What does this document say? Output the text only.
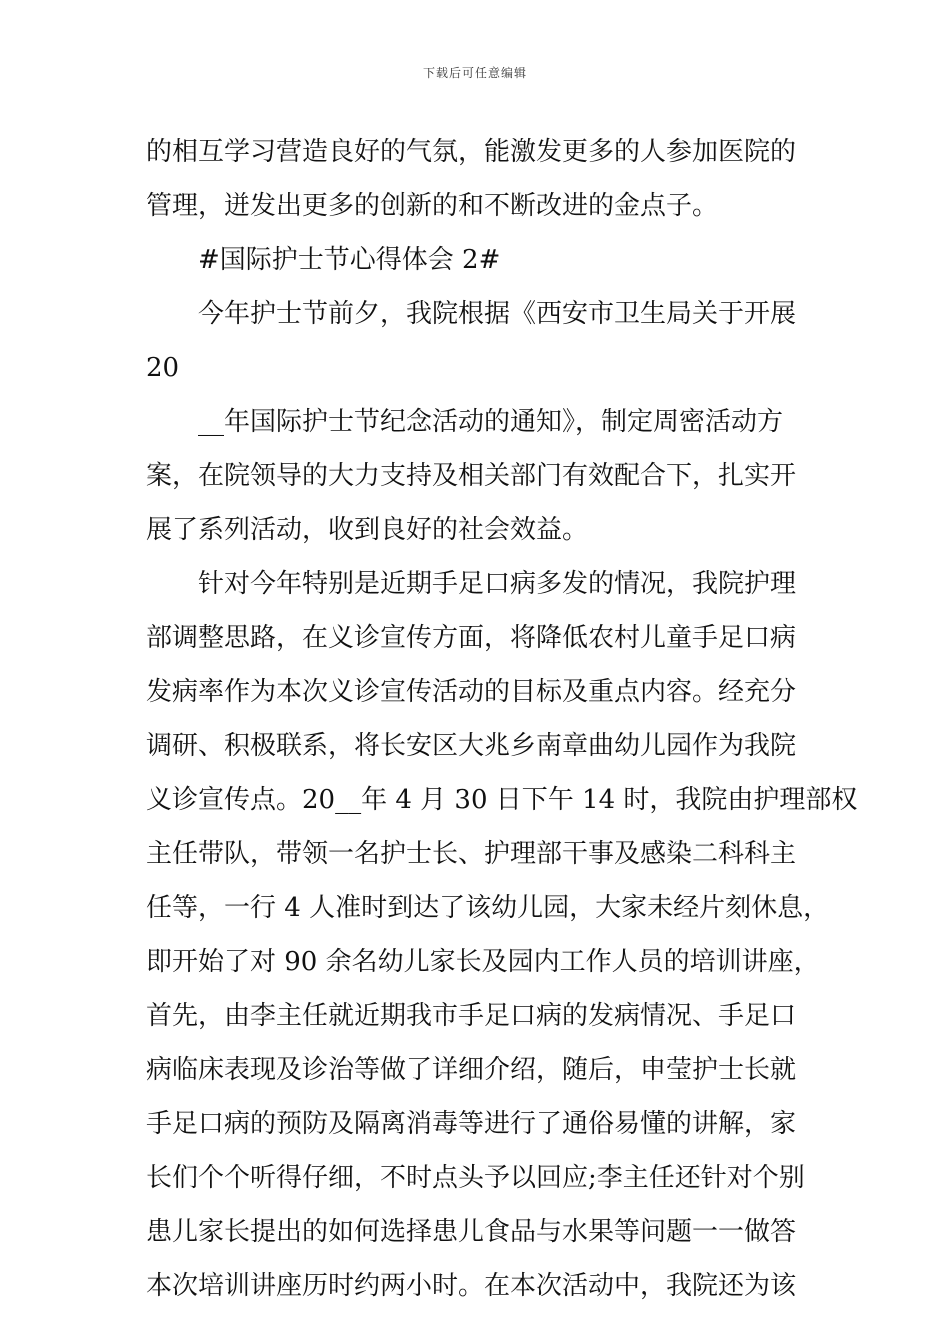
下载后可任意编辑
的相互学习营造良好的气氛，能激发更多的人参加医院的
管理，迸发出更多的创新的和不断改进的金点子。
#国际护士节心得体会 2#
今年护士节前夕，我院根据《西安市卫生局关于开展
20
__年国际护士节纪念活动的通知》，制定周密活动方
案，在院领导的大力支持及相关部门有效配合下，扎实开
展了系列活动，收到良好的社会效益。
针对今年特别是近期手足口病多发的情况，我院护理
部调整思路，在义诊宣传方面，将降低农村儿童手足口病
发病率作为本次义诊宣传活动的目标及重点内容。经充分
调研、积极联系，将长安区大兆乡南章曲幼儿园作为我院
义诊宣传点。20__年 4 月 30 日下午 14 时，我院由护理部权
主任带队，带领一名护士长、护理部干事及感染二科科主
任等，一行 4 人准时到达了该幼儿园，大家未经片刻休息，
即开始了对 90 余名幼儿家长及园内工作人员的培训讲座，
首先，由李主任就近期我市手足口病的发病情况、手足口
病临床表现及诊治等做了详细介绍，随后，申莹护士长就
手足口病的预防及隔离消毒等进行了通俗易懂的讲解，家
长们个个听得仔细，不时点头予以回应;李主任还针对个别
患儿家长提出的如何选择患儿食品与水果等问题一一做答
本次培训讲座历时约两小时。在本次活动中，我院还为该
